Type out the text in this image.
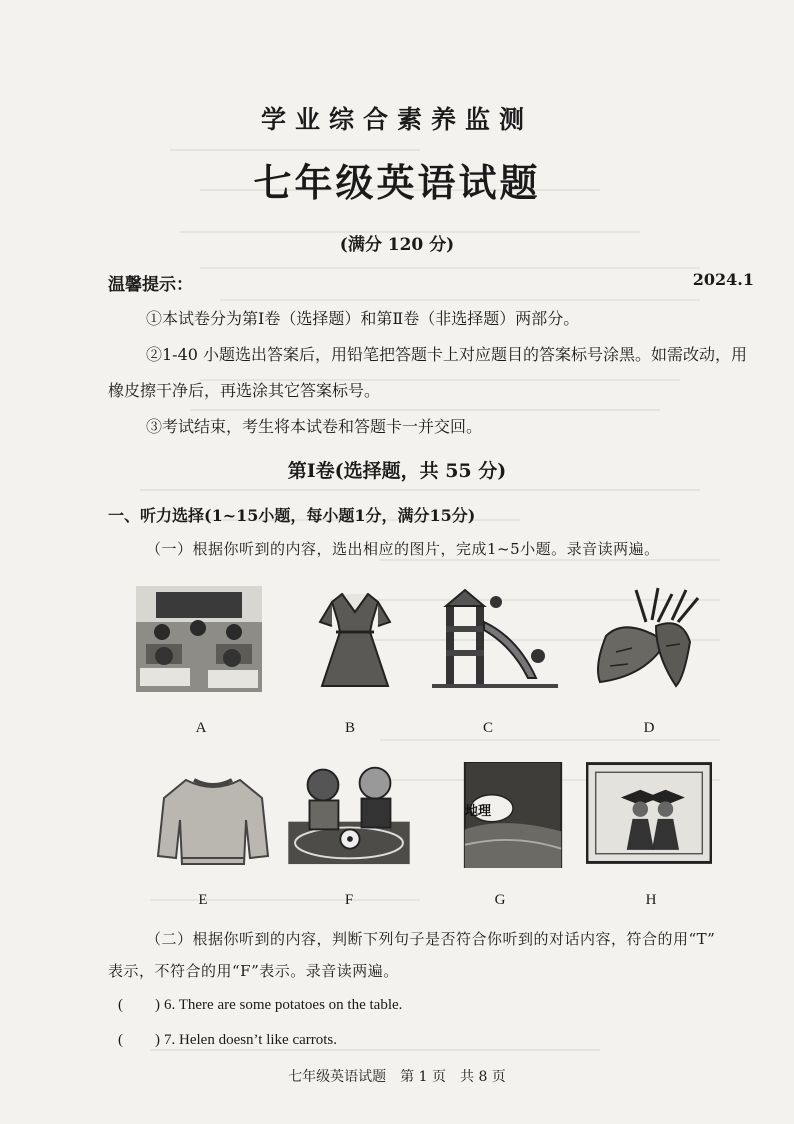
学业综合素养监测
七年级英语试题
(满分 120 分)
温馨提示：	2024.1
①本试卷分为第Ⅰ卷（选择题）和第Ⅱ卷（非选择题）两部分。
②1-40 小题选出答案后，用铅笔把答题卡上对应题目的答案标号涂黑。如需改动，用
橡皮擦干净后，再选涂其它答案标号。
③考试结束，考生将本试卷和答题卡一并交回。
第Ⅰ卷(选择题，共 55 分)
一、听力选择(1~15小题，每小题1分，满分15分)
（一）根据你听到的内容，选出相应的图片，完成1~5小题。录音读两遍。
A	B	C	D
地理
E	F	G	H
（二）根据你听到的内容，判断下列句子是否符合你听到的对话内容，符合的用“T”
表示，不符合的用“F”表示。录音读两遍。
( ) 6. There are some potatoes on the table.
( ) 7. Helen doesn’t like carrots.
七年级英语试题　第 1 页　共 8 页
